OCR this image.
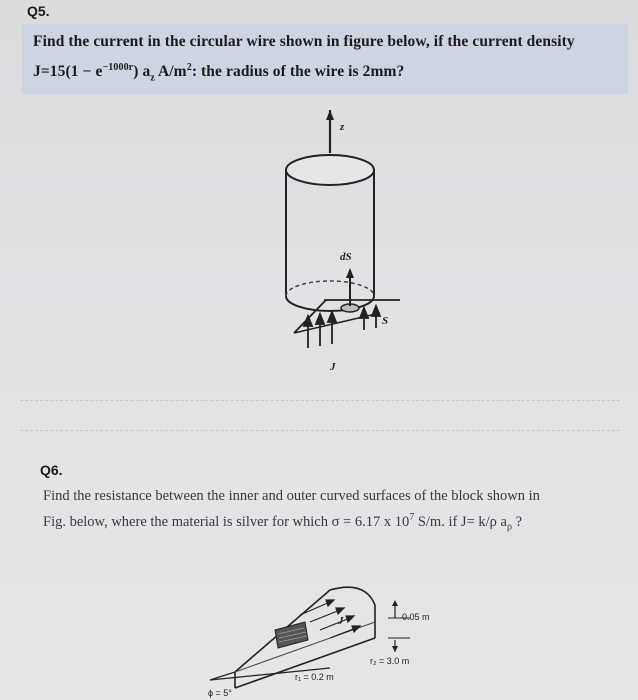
Q5.
Find the current in the circular wire shown in figure below, if the current density
$J=15(1 - e^{-1000r})$ $a_z$ $A/m^2$: the radius of the wire is 2mm?
z
dS
S
J
Q6.
Find the resistance between the inner and outer curved surfaces of the block shown in
Fig. below, where the material is silver for which σ = 6.17 x $10^7$ S/m. if J= k/ρ $a_\rho$ ?
J	0.05 m
r₂ = 3.0 m
r₁ = 0.2 m
ϕ = 5°
